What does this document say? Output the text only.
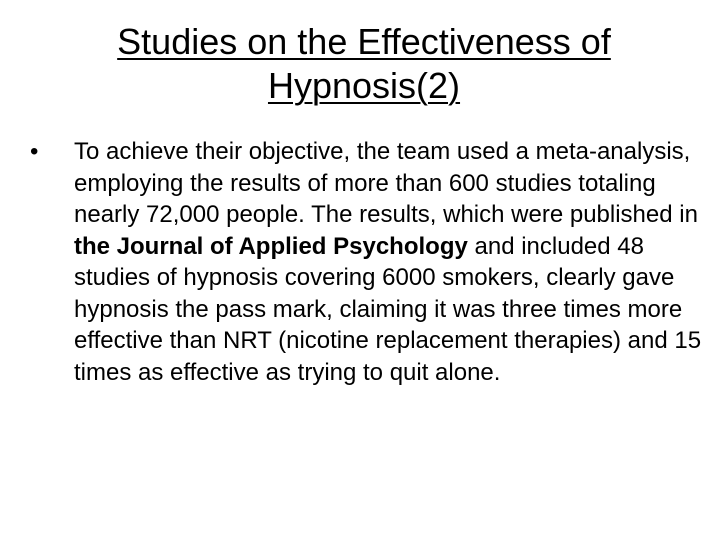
Studies on the Effectiveness of
Hypnosis(2)
• To achieve their objective, the team used a meta-analysis, employing the results of more than 600 studies totaling nearly 72,000 people. The results, which were published in the Journal of Applied Psychology and included 48 studies of hypnosis covering 6000 smokers, clearly gave hypnosis the pass mark, claiming it was three times more effective than NRT (nicotine replacement therapies) and 15 times as effective as trying to quit alone.
